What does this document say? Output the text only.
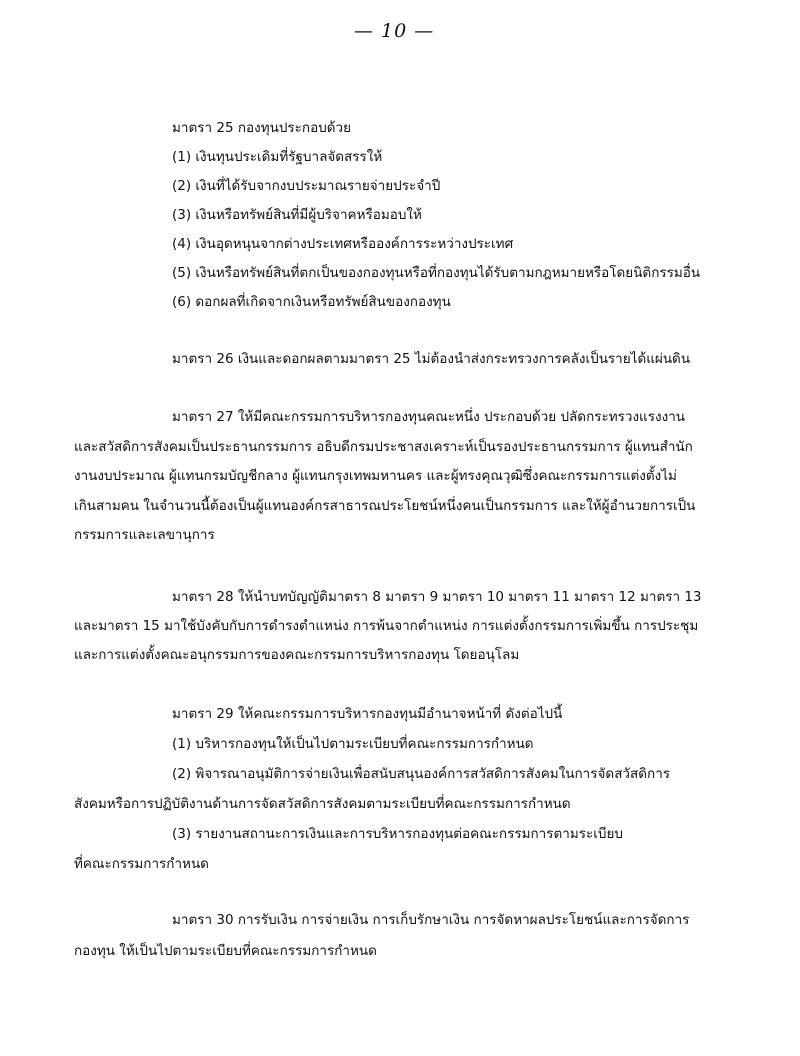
— 10 —
มาตรา 25 กองทุนประกอบด้วย
(1) เงินทุนประเดิมที่รัฐบาลจัดสรรให้
(2) เงินที่ได้รับจากงบประมาณรายจ่ายประจำปี
(3) เงินหรือทรัพย์สินที่มีผู้บริจาคหรือมอบให้
(4) เงินอุดหนุนจากต่างประเทศหรือองค์การระหว่างประเทศ
(5) เงินหรือทรัพย์สินที่ตกเป็นของกองทุนหรือที่กองทุนได้รับตามกฎหมายหรือโดยนิติกรรมอื่น
(6) ดอกผลที่เกิดจากเงินหรือทรัพย์สินของกองทุน
มาตรา 26 เงินและดอกผลตามมาตรา 25 ไม่ต้องนำส่งกระทรวงการคลังเป็นรายได้แผ่นดิน
มาตรา 27 ให้มีคณะกรรมการบริหารกองทุนคณะหนึ่ง ประกอบด้วย ปลัดกระทรวงแรงงาน
และสวัสดิการสังคมเป็นประธานกรรมการ อธิบดีกรมประชาสงเคราะห์เป็นรองประธานกรรมการ ผู้แทนสำนัก
งานงบประมาณ ผู้แทนกรมบัญชีกลาง ผู้แทนกรุงเทพมหานคร และผู้ทรงคุณวุฒิซึ่งคณะกรรมการแต่งตั้งไม่
เกินสามคน ในจำนวนนี้ต้องเป็นผู้แทนองค์กรสาธารณประโยชน์หนึ่งคนเป็นกรรมการ และให้ผู้อำนวยการเป็น
กรรมการและเลขานุการ
มาตรา 28 ให้นำบทบัญญัติมาตรา 8 มาตรา 9 มาตรา 10 มาตรา 11 มาตรา 12 มาตรา 13
และมาตรา 15 มาใช้บังคับกับการดำรงตำแหน่ง การพ้นจากตำแหน่ง การแต่งตั้งกรรมการเพิ่มขึ้น การประชุม
และการแต่งตั้งคณะอนุกรรมการของคณะกรรมการบริหารกองทุน โดยอนุโลม
มาตรา 29 ให้คณะกรรมการบริหารกองทุนมีอำนาจหน้าที่ ดังต่อไปนี้
(1) บริหารกองทุนให้เป็นไปตามระเบียบที่คณะกรรมการกำหนด
(2) พิจารณาอนุมัติการจ่ายเงินเพื่อสนับสนุนองค์การสวัสดิการสังคมในการจัดสวัสดิการ
สังคมหรือการปฏิบัติงานด้านการจัดสวัสดิการสังคมตามระเบียบที่คณะกรรมการกำหนด
(3) รายงานสถานะการเงินและการบริหารกองทุนต่อคณะกรรมการตามระเบียบ
ที่คณะกรรมการกำหนด
มาตรา 30 การรับเงิน การจ่ายเงิน การเก็บรักษาเงิน การจัดหาผลประโยชน์และการจัดการ
กองทุน ให้เป็นไปตามระเบียบที่คณะกรรมการกำหนด
